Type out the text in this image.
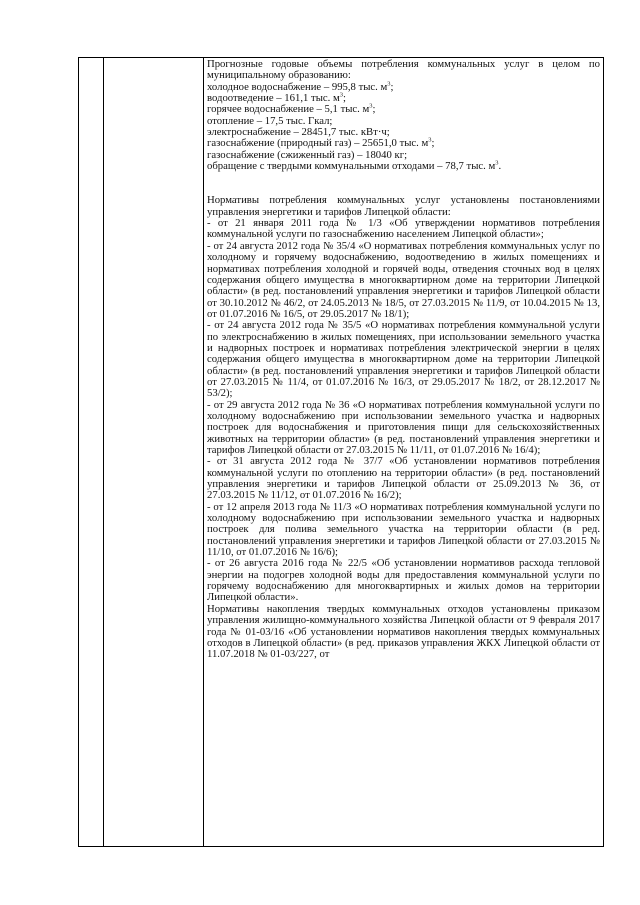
Прогнозные годовые объемы потребления коммунальных услуг в целом по муниципальному образованию:

холодное водоснабжение – 995,8 тыс. $м^3$;

водоотведение – 161,1 тыс. $м^3$;

горячее водоснабжение – 5,1 тыс. $м^3$;

отопление – 17,5 тыс. Гкал;

электроснабжение – 28451,7 тыс. кВт·ч;

газоснабжение (природный газ) – 25651,0 тыс. $м^3$;

газоснабжение (сжиженный газ) – 18040 кг;

обращение с твердыми коммунальными отходами – 78,7 тыс. $м^3$.

Нормативы потребления коммунальных услуг установлены постановлениями управления энергетики и тарифов Липецкой области:

- от 21 января 2011 года № 1/3 «Об утверждении нормативов потребления коммунальной услуги по газоснабжению населением Липецкой области»;

- от 24 августа 2012 года № 35/4 «О нормативах потребления коммунальных услуг по холодному и горячему водоснабжению, водоотведению в жилых помещениях и нормативах потребления холодной и горячей воды, отведения сточных вод в целях содержания общего имущества в многоквартирном доме на территории Липецкой области» (в ред. постановлений управления энергетики и тарифов Липецкой области от 30.10.2012 № 46/2, от 24.05.2013 № 18/5, от 27.03.2015 № 11/9, от 10.04.2015 № 13, от 01.07.2016 № 16/5, от 29.05.2017 № 18/1);

- от 24 августа 2012 года № 35/5 «О нормативах потребления коммунальной услуги по электроснабжению в жилых помещениях, при использовании земельного участка и надворных построек и нормативах потребления электрической энергии в целях содержания общего имущества в многоквартирном доме на территории Липецкой области» (в ред. постановлений управления энергетики и тарифов Липецкой области от 27.03.2015 № 11/4, от 01.07.2016 № 16/3, от 29.05.2017 № 18/2, от 28.12.2017 № 53/2);

- от 29 августа 2012 года № 36 «О нормативах потребления коммунальной услуги по холодному водоснабжению при использовании земельного участка и надворных построек для водоснабжения и приготовления пищи для сельскохозяйственных животных на территории области» (в ред. постановлений управления энергетики и тарифов Липецкой области от 27.03.2015 № 11/11, от 01.07.2016 № 16/4);

- от 31 августа 2012 года № 37/7 «Об установлении нормативов потребления коммунальной услуги по отоплению на территории области» (в ред. постановлений управления энергетики и тарифов Липецкой области от 25.09.2013 № 36, от 27.03.2015 № 11/12, от 01.07.2016 № 16/2);

- от 12 апреля 2013 года № 11/3 «О нормативах потребления коммунальной услуги по холодному водоснабжению при использовании земельного участка и надворных построек для полива земельного участка на территории области (в ред. постановлений управления энергетики и тарифов Липецкой области от 27.03.2015 № 11/10, от 01.07.2016 № 16/6);

- от 26 августа 2016 года № 22/5 «Об установлении нормативов расхода тепловой энергии на подогрев холодной воды для предоставления коммунальной услуги по горячему водоснабжению для многоквартирных и жилых домов на территории Липецкой области».

Нормативы накопления твердых коммунальных отходов установлены приказом управления жилищно-коммунального хозяйства Липецкой области от 9 февраля 2017 года № 01-03/16 «Об установлении нормативов накопления твердых коммунальных отходов в Липецкой области» (в ред. приказов управления ЖКХ Липецкой области от 11.07.2018 № 01-03/227, от
